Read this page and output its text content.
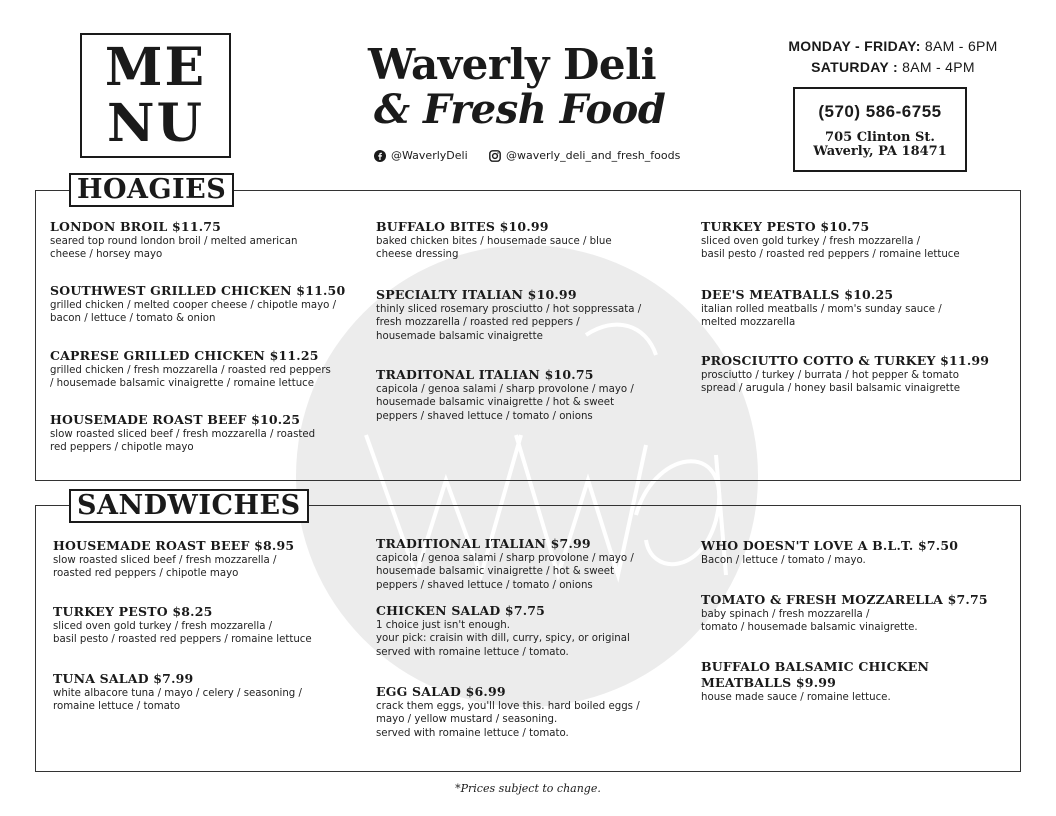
ME
NU
Waverly Deli
& Fresh Food
@WaverlyDeli	@waverly_deli_and_fresh_foods
MONDAY - FRIDAY: 8AM - 6PM
SATURDAY : 8AM - 4PM
(570) 586-6755
705 Clinton St.
Waverly, PA 18471
HOAGIES
LONDON BROIL $11.75
seared top round london broil / melted american
cheese / horsey mayo
SOUTHWEST GRILLED CHICKEN $11.50
grilled chicken / melted cooper cheese / chipotle mayo /
bacon / lettuce / tomato & onion
CAPRESE GRILLED CHICKEN $11.25
grilled chicken / fresh mozzarella / roasted red peppers
/ housemade balsamic vinaigrette / romaine lettuce
HOUSEMADE ROAST BEEF $10.25
slow roasted sliced beef / fresh mozzarella / roasted
red peppers / chipotle mayo
BUFFALO BITES $10.99
baked chicken bites / housemade sauce / blue
cheese dressing
SPECIALTY ITALIAN $10.99
thinly sliced rosemary prosciutto / hot soppressata /
fresh mozzarella / roasted red peppers /
housemade balsamic vinaigrette
TRADITONAL ITALIAN $10.75
capicola / genoa salami / sharp provolone / mayo /
housemade balsamic vinaigrette / hot & sweet
peppers / shaved lettuce / tomato / onions
TURKEY PESTO $10.75
sliced oven gold turkey / fresh mozzarella /
basil pesto / roasted red peppers / romaine lettuce
DEE'S MEATBALLS $10.25
italian rolled meatballs / mom's sunday sauce /
melted mozzarella
PROSCIUTTO COTTO & TURKEY $11.99
prosciutto / turkey / burrata / hot pepper & tomato
spread / arugula / honey basil balsamic vinaigrette
SANDWICHES
HOUSEMADE ROAST BEEF $8.95
slow roasted sliced beef / fresh mozzarella /
roasted red peppers / chipotle mayo
TURKEY PESTO $8.25
sliced oven gold turkey / fresh mozzarella /
basil pesto / roasted red peppers / romaine lettuce
TUNA SALAD $7.99
white albacore tuna / mayo / celery / seasoning /
romaine lettuce / tomato
TRADITIONAL ITALIAN $7.99
capicola / genoa salami / sharp provolone / mayo /
housemade balsamic vinaigrette / hot & sweet
peppers / shaved lettuce / tomato / onions
CHICKEN SALAD $7.75
1 choice just isn't enough.
your pick: craisin with dill, curry, spicy, or original
served with romaine lettuce / tomato.
EGG SALAD $6.99
crack them eggs, you'll love this. hard boiled eggs /
mayo / yellow mustard / seasoning.
served with romaine lettuce / tomato.
WHO DOESN'T LOVE A B.L.T. $7.50
Bacon / lettuce / tomato / mayo.
TOMATO & FRESH MOZZARELLA $7.75
baby spinach / fresh mozzarella /
tomato / housemade balsamic vinaigrette.
BUFFALO BALSAMIC CHICKEN
MEATBALLS $9.99
house made sauce / romaine lettuce.
*Prices subject to change.
